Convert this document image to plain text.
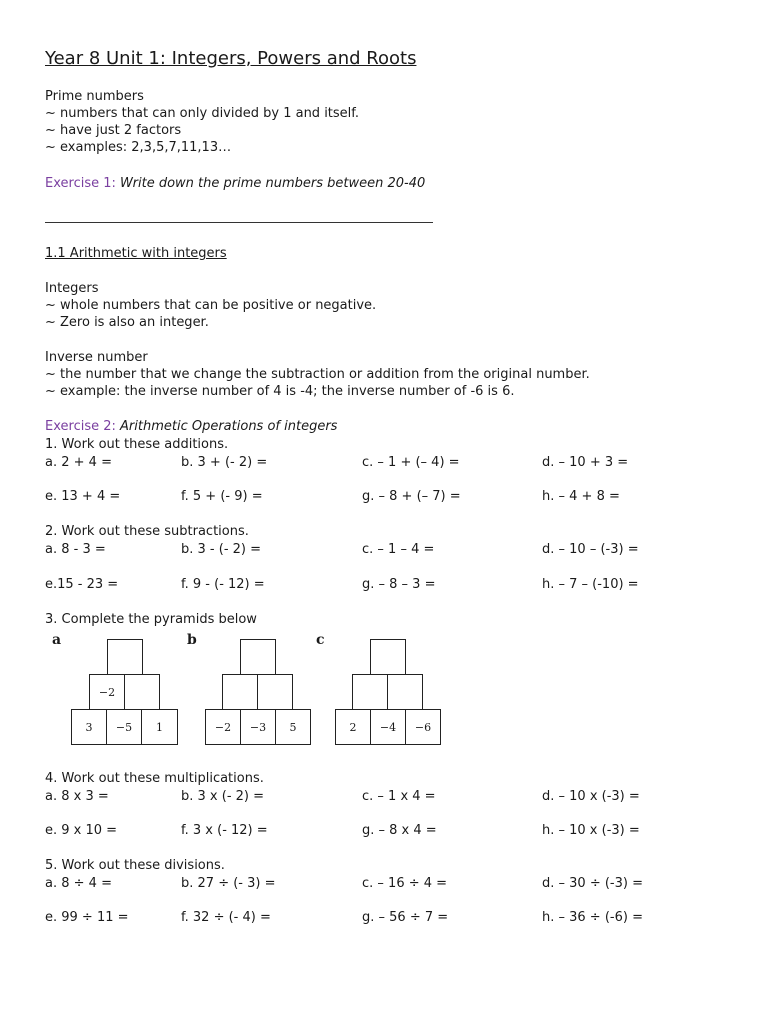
Year 8 Unit 1: Integers, Powers and Roots
Prime numbers
~ numbers that can only divided by 1 and itself.
~ have just 2 factors
~ examples: 2,3,5,7,11,13…
Exercise 1: Write down the prime numbers between 20-40
1.1 Arithmetic with integers
Integers
~ whole numbers that can be positive or negative.
~ Zero is also an integer.
Inverse number
~ the number that we change the subtraction or addition from the original number.
~ example: the inverse number of 4 is -4; the inverse number of -6 is 6.
Exercise 2: Arithmetic Operations of integers
1. Work out these additions.
a. 2 + 4 =	b. 3 + (- 2) =	c. – 1 + (– 4) =	d. – 10 + 3 =
e. 13 + 4 =	f. 5 + (- 9) =	g. – 8 + (– 7) =	h. – 4 + 8 =
2. Work out these subtractions.
a. 8 - 3 =	b. 3 - (- 2) =	c. – 1 – 4 =	d. – 10 – (-3) =
e.15 - 23 =	f. 9 - (- 12) =	g. – 8 – 3 =	h. – 7 – (-10) =
3. Complete the pyramids below
a
−2
3	−5	1
b
−2	−3	5
c
2	−4	−6
4. Work out these multiplications.
a. 8 x 3 =	b. 3 x (- 2) =	c. – 1 x 4 =	d. – 10 x (-3) =
e. 9 x 10 =	f. 3 x (- 12) =	g. – 8 x 4 =	h. – 10 x (-3) =
5. Work out these divisions.
a. 8 ÷ 4 =	b. 27 ÷ (- 3) =	c. – 16 ÷ 4 =	d. – 30 ÷ (-3) =
e. 99 ÷ 11 =	f. 32 ÷ (- 4) =	g. – 56 ÷ 7 =	h. – 36 ÷ (-6) =
